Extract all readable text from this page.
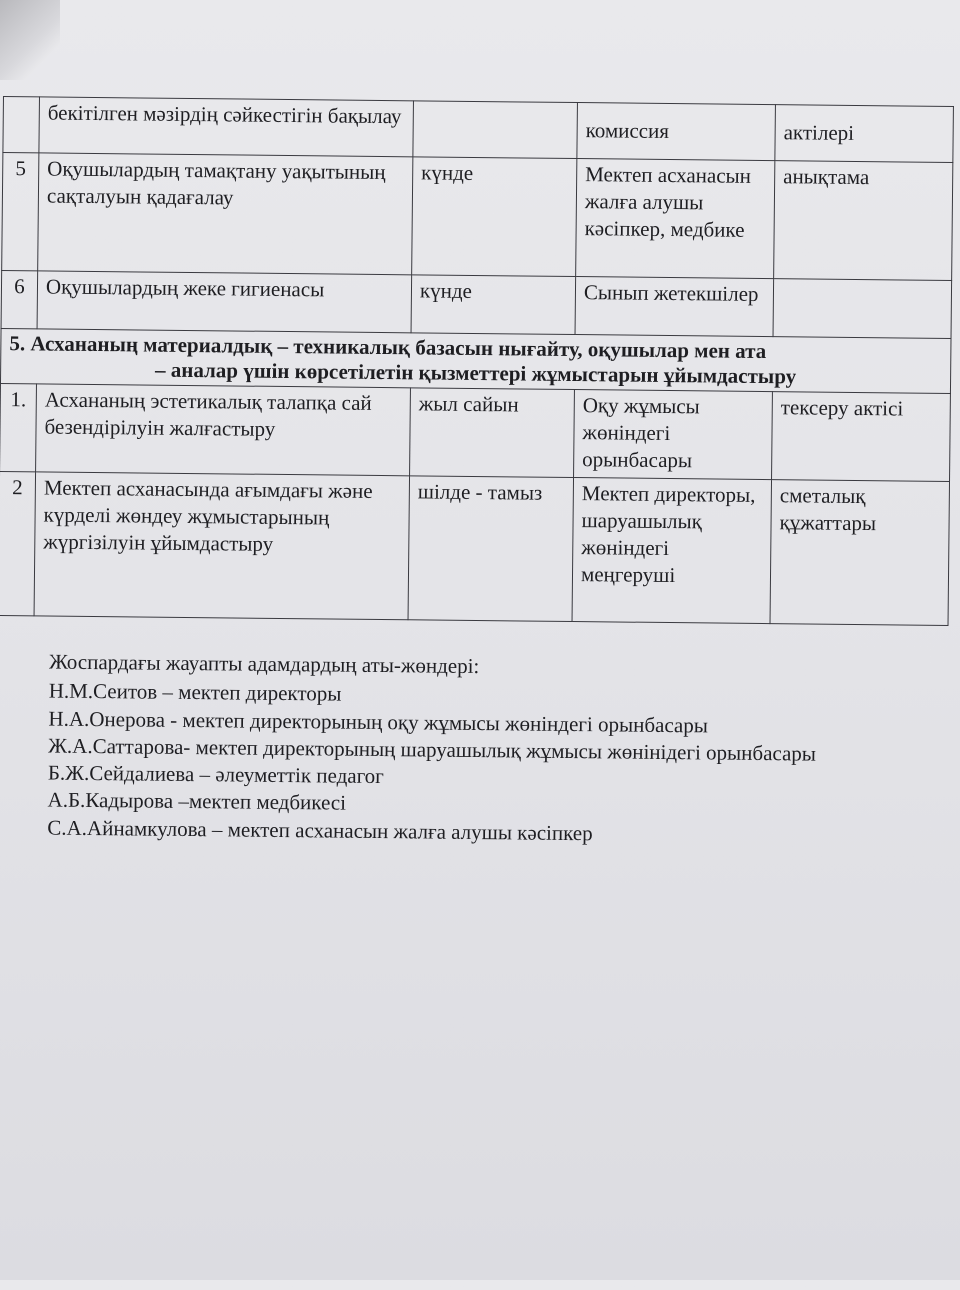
	бекітілген мәзірдің сәйкестігін бақылау		комиссия	актілері
5	Оқушылардың тамақтану уақытының сақталуын қадағалау	күнде	Мектеп асханасын жалға алушы кәсіпкер, медбике	анықтама
6	Оқушылардың жеке гигиенасы	күнде	Сынып жетекшілер	
5. Асхананың материалдық – техникалық базасын нығайту, оқушылар мен ата
– аналар үшін көрсетілетін қызметтері жұмыстарын ұйымдастыру				

1.	Асхананың эстетикалық талапқа сай безендірілуін жалғастыру	жыл сайын	Оқу жұмысы жөніндегі орынбасары	тексеру актісі
2	Мектеп асханасында ағымдағы және күрделі жөндеу жұмыстарының жүргізілуін ұйымдастыру	шілде - тамыз	Мектеп директоры, шаруашылық жөніндегі меңгеруші	сметалық құжаттары

Жоспардағы жауапты адамдардың аты-жөндері:

Н.М.Сеитов – мектеп директоры

Н.А.Онерова - мектеп директорының оқу жұмысы жөніндегі орынбасары

Ж.А.Саттарова- мектеп директорының шаруашылық жұмысы жөнінідегі орынбасары

Б.Ж.Сейдалиева – әлеуметтік педагог

А.Б.Кадырова –мектеп медбикесі

С.А.Айнамкулова – мектеп асханасын жалға алушы кәсіпкер
